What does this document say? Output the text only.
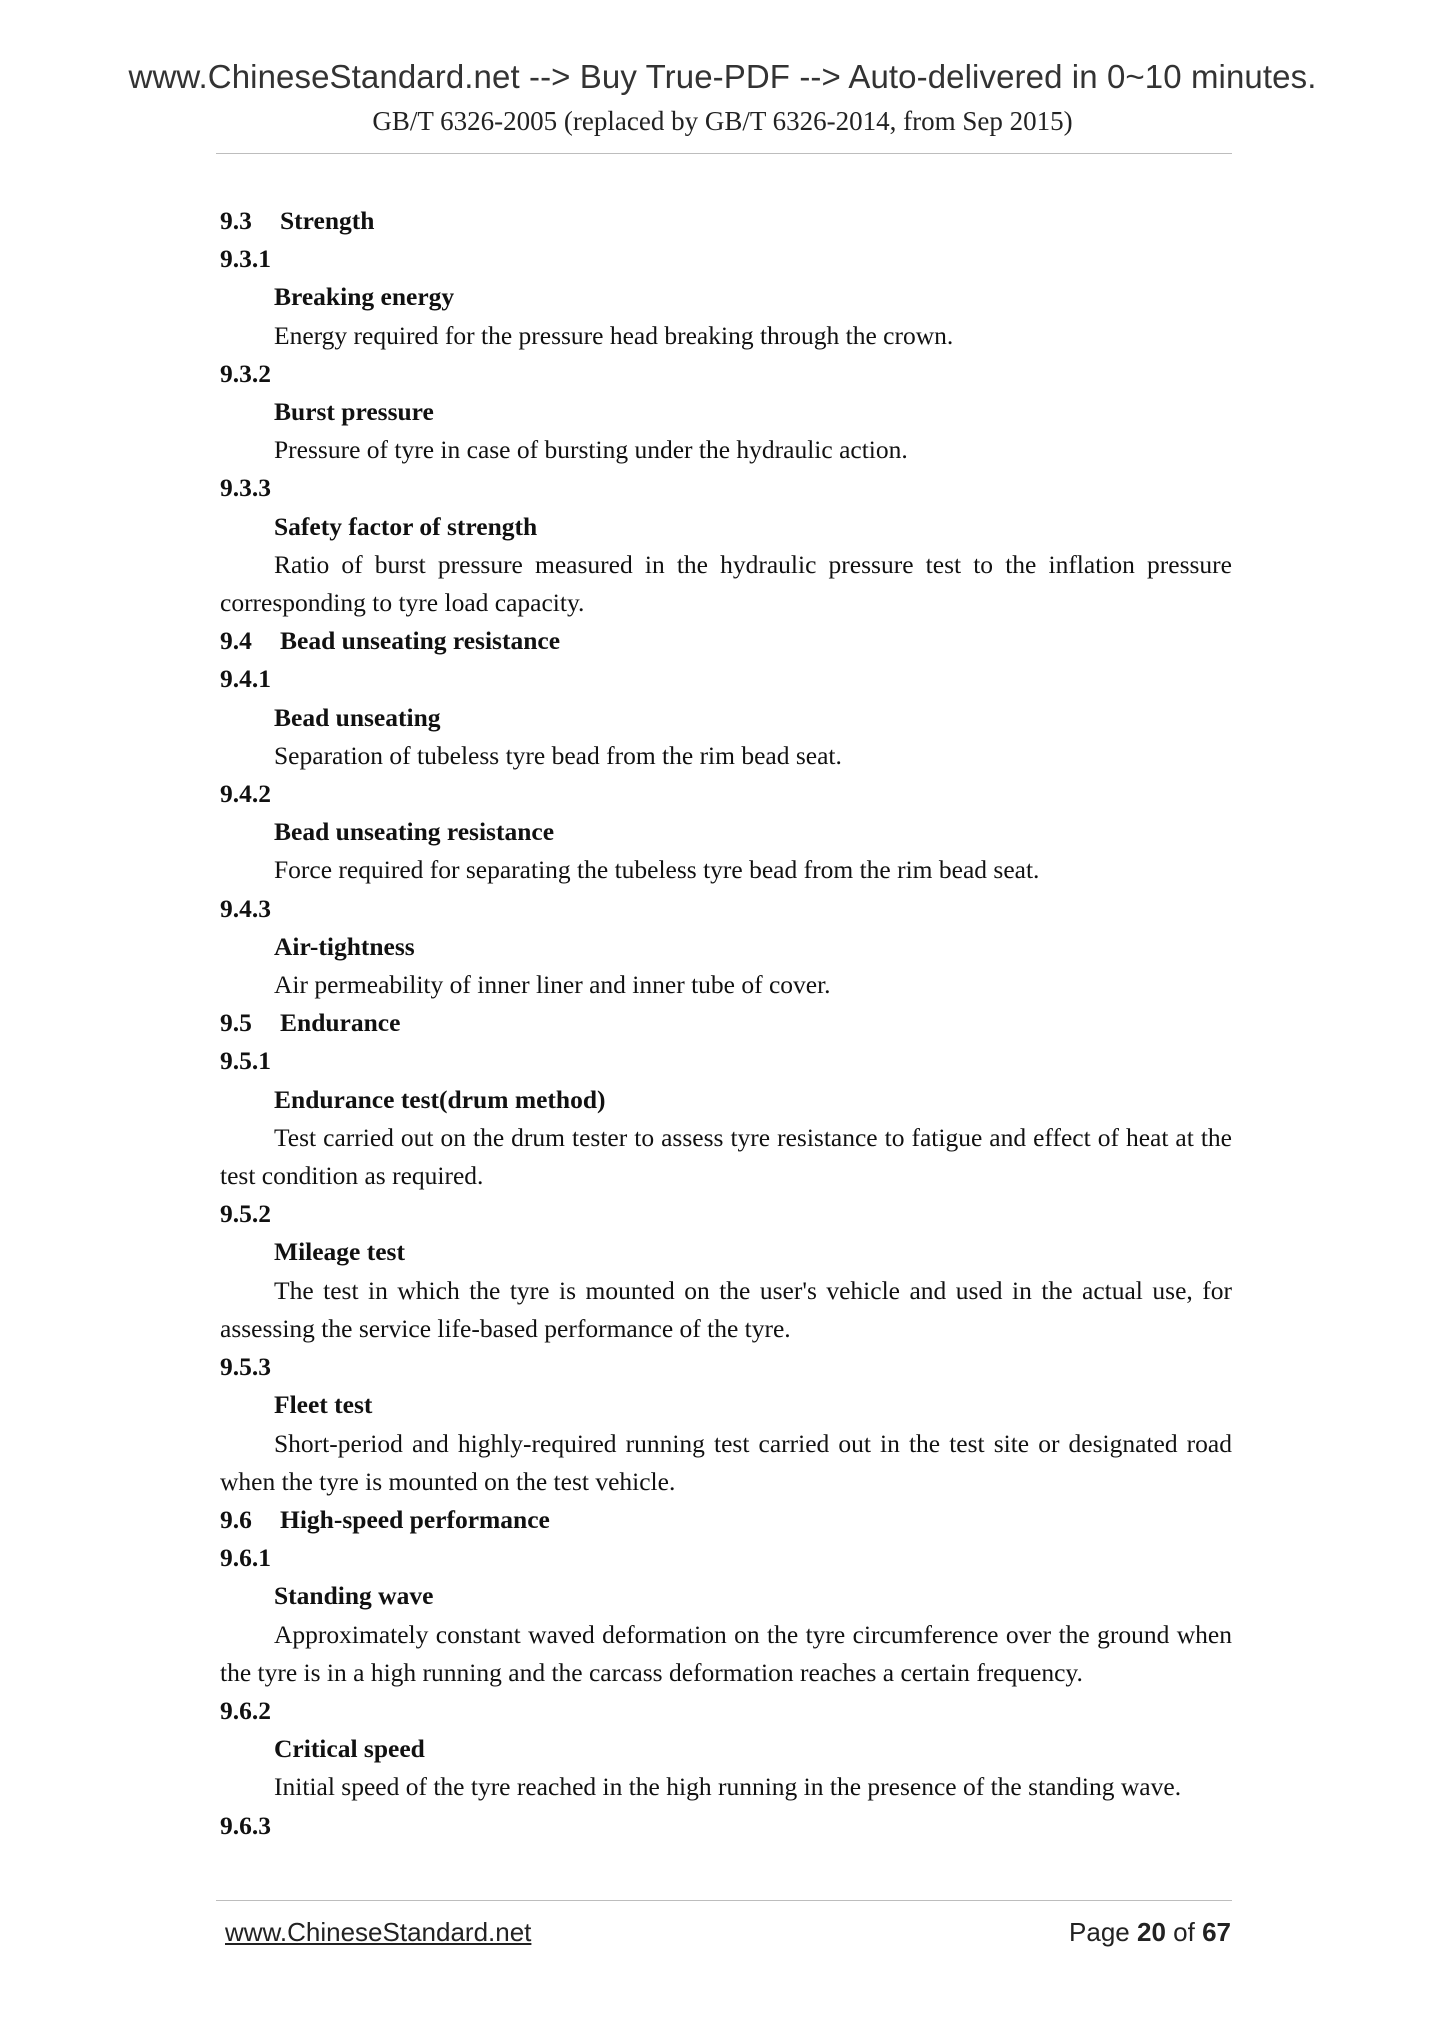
www.ChineseStandard.net --> Buy True-PDF --> Auto-delivered in 0~10 minutes.
GB/T 6326-2005 (replaced by GB/T 6326-2014, from Sep 2015)
9.3 Strength
9.3.1
Breaking energy
Energy required for the pressure head breaking through the crown.
9.3.2
Burst pressure
Pressure of tyre in case of bursting under the hydraulic action.
9.3.3
Safety factor of strength
Ratio of burst pressure measured in the hydraulic pressure test to the inflation pressure corresponding to tyre load capacity.
9.4 Bead unseating resistance
9.4.1
Bead unseating
Separation of tubeless tyre bead from the rim bead seat.
9.4.2
Bead unseating resistance
Force required for separating the tubeless tyre bead from the rim bead seat.
9.4.3
Air-tightness
Air permeability of inner liner and inner tube of cover.
9.5 Endurance
9.5.1
Endurance test(drum method)
Test carried out on the drum tester to assess tyre resistance to fatigue and effect of heat at the test condition as required.
9.5.2
Mileage test
The test in which the tyre is mounted on the user's vehicle and used in the actual use, for assessing the service life-based performance of the tyre.
9.5.3
Fleet test
Short-period and highly-required running test carried out in the test site or designated road when the tyre is mounted on the test vehicle.
9.6 High-speed performance
9.6.1
Standing wave
Approximately constant waved deformation on the tyre circumference over the ground when the tyre is in a high running and the carcass deformation reaches a certain frequency.
9.6.2
Critical speed
Initial speed of the tyre reached in the high running in the presence of the standing wave.
9.6.3
www.ChineseStandard.net	Page 20 of 67
